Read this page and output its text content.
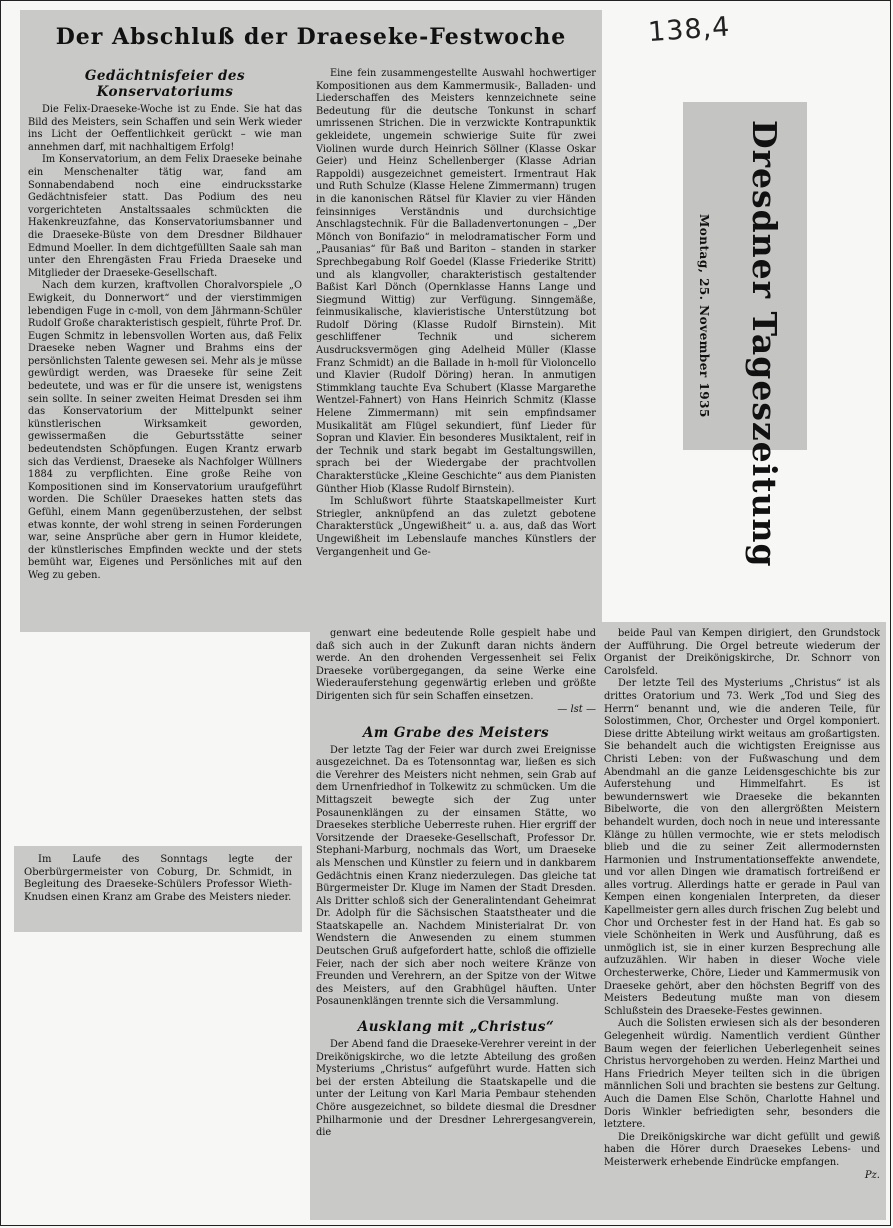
138,4
Der Abschluß der Draeseke-Festwoche
Gedächtnisfeier des Konservatoriums

Die Felix-Draeseke-Woche ist zu Ende. Sie hat das Bild des Meisters, sein Schaffen und sein Werk wieder ins Licht der Oeffentlichkeit gerückt – wie man annehmen darf, mit nachhaltigem Erfolg!

Im Konservatorium, an dem Felix Draeseke beinahe ein Menschenalter tätig war, fand am Sonnabendabend noch eine eindrucksstarke Gedächtnisfeier statt. Das Podium des neu vorgerichteten Anstaltssaales schmückten die Hakenkreuzfahne, das Konservatoriumsbanner und die Draeseke-Büste von dem Dresdner Bildhauer Edmund Moeller. In dem dichtgefüllten Saale sah man unter den Ehrengästen Frau Frieda Draeseke und Mitglieder der Draeseke-Gesellschaft.

Nach dem kurzen, kraftvollen Choralvorspiele „O Ewigkeit, du Donnerwort“ und der vierstimmigen lebendigen Fuge in c-moll, von dem Jährmann-Schüler Rudolf Große charakteristisch gespielt, führte Prof. Dr. Eugen Schmitz in lebensvollen Worten aus, daß Felix Draeseke neben Wagner und Brahms eins der persönlichsten Talente gewesen sei. Mehr als je müsse gewürdigt werden, was Draeseke für seine Zeit bedeutete, und was er für die unsere ist, wenigstens sein sollte. In seiner zweiten Heimat Dresden sei ihm das Konservatorium der Mittelpunkt seiner künstlerischen Wirksamkeit geworden, gewissermaßen die Geburtsstätte seiner bedeutendsten Schöpfungen. Eugen Krantz erwarb sich das Verdienst, Draeseke als Nachfolger Wüllners 1884 zu verpflichten. Eine große Reihe von Kompositionen sind im Konservatorium uraufgeführt worden. Die Schüler Draesekes hatten stets das Gefühl, einem Mann gegenüberzustehen, der selbst etwas konnte, der wohl streng in seinen Forderungen war, seine Ansprüche aber gern in Humor kleidete, der künstlerisches Empfinden weckte und der stets bemüht war, Eigenes und Persönliches mit auf den Weg zu geben.

Eine fein zusammengestellte Auswahl hochwertiger Kompositionen aus dem Kammermusik-, Balladen- und Liederschaffen des Meisters kennzeichnete seine Bedeutung für die deutsche Tonkunst in scharf umrissenen Strichen. Die in verzwickte Kontrapunktik gekleidete, ungemein schwierige Suite für zwei Violinen wurde durch Heinrich Söllner (Klasse Oskar Geier) und Heinz Schellenberger (Klasse Adrian Rappoldi) ausgezeichnet gemeistert. Irmentraut Hak und Ruth Schulze (Klasse Helene Zimmermann) trugen in die kanonischen Rätsel für Klavier zu vier Händen feinsinniges Verständnis und durchsichtige Anschlagstechnik. Für die Balladenvertonungen – „Der Mönch von Bonifazio“ in melodramatischer Form und „Pausanias“ für Baß und Bariton – standen in starker Sprechbegabung Rolf Goedel (Klasse Friederike Stritt) und als klangvoller, charakteristisch gestaltender Baßist Karl Dönch (Opernklasse Hanns Lange und Siegmund Wittig) zur Verfügung. Sinngemäße, feinmusikalische, klavieristische Unterstützung bot Rudolf Döring (Klasse Rudolf Birnstein). Mit geschliffener Technik und sicherem Ausdrucksvermögen ging Adelheid Müller (Klasse Franz Schmidt) an die Ballade in h-moll für Violoncello und Klavier (Rudolf Döring) heran. In anmutigen Stimmklang tauchte Eva Schubert (Klasse Margarethe Wentzel-Fahnert) von Hans Heinrich Schmitz (Klasse Helene Zimmermann) mit sein empfindsamer Musikalität am Flügel sekundiert, fünf Lieder für Sopran und Klavier. Ein besonderes Musiktalent, reif in der Technik und stark begabt im Gestaltungswillen, sprach bei der Wiedergabe der prachtvollen Charakterstücke „Kleine Geschichte“ aus dem Pianisten Günther Hiob (Klasse Rudolf Birnstein).

Im Schlußwort führte Staatskapellmeister Kurt Striegler, anknüpfend an das zuletzt gebotene Charakterstück „Ungewißheit“ u. a. aus, daß das Wort Ungewißheit im Lebenslaufe manches Künstlers der Vergangenheit und Ge-

genwart eine bedeutende Rolle gespielt habe und daß sich auch in der Zukunft daran nichts ändern werde. An den drohenden Vergessenheit sei Felix Draeseke vorübergegangen, da seine Werke eine Wiederauferstehung gegenwärtig erleben und größte Dirigenten sich für sein Schaffen einsetzen.

— lst —
Am Grabe des Meisters

Der letzte Tag der Feier war durch zwei Ereignisse ausgezeichnet. Da es Totensonntag war, ließen es sich die Verehrer des Meisters nicht nehmen, sein Grab auf dem Urnenfriedhof in Tolkewitz zu schmücken. Um die Mittagszeit bewegte sich der Zug unter Posaunenklängen zu der einsamen Stätte, wo Draesekes sterbliche Ueberreste ruhen. Hier ergriff der Vorsitzende der Draeseke-Gesellschaft, Professor Dr. Stephani-Marburg, nochmals das Wort, um Draeseke als Menschen und Künstler zu feiern und in dankbarem Gedächtnis einen Kranz niederzulegen. Das gleiche tat Bürgermeister Dr. Kluge im Namen der Stadt Dresden. Als Dritter schloß sich der Generalintendant Geheimrat Dr. Adolph für die Sächsischen Staatstheater und die Staatskapelle an. Nachdem Ministerialrat Dr. von Wendstern die Anwesenden zu einem stummen Deutschen Gruß aufgefordert hatte, schloß die offizielle Feier, nach der sich aber noch weitere Kränze von Freunden und Verehrern, an der Spitze von der Witwe des Meisters, auf den Grabhügel häuften. Unter Posaunenklängen trennte sich die Versammlung.

Ausklang mit „Christus“

Der Abend fand die Draeseke-Verehrer vereint in der Dreikönigskirche, wo die letzte Abteilung des großen Mysteriums „Christus“ aufgeführt wurde. Hatten sich bei der ersten Abteilung die Staatskapelle und die unter der Leitung von Karl Maria Pembaur stehenden Chöre ausgezeichnet, so bildete diesmal die Dresdner Philharmonie und der Dresdner Lehrergesangverein, die

beide Paul van Kempen dirigiert, den Grundstock der Aufführung. Die Orgel betreute wiederum der Organist der Dreikönigskirche, Dr. Schnorr von Carolsfeld.

Der letzte Teil des Mysteriums „Christus“ ist als drittes Oratorium und 73. Werk „Tod und Sieg des Herrn“ benannt und, wie die anderen Teile, für Solostimmen, Chor, Orchester und Orgel komponiert. Diese dritte Abteilung wirkt weitaus am großartigsten. Sie behandelt auch die wichtigsten Ereignisse aus Christi Leben: von der Fußwaschung und dem Abendmahl an die ganze Leidensgeschichte bis zur Auferstehung und Himmelfahrt. Es ist bewundernswert wie Draeseke die bekannten Bibelworte, die von den allergrößten Meistern behandelt wurden, doch noch in neue und interessante Klänge zu hüllen vermochte, wie er stets melodisch blieb und die zu seiner Zeit allermodernsten Harmonien und Instrumentationseffekte anwendete, und vor allen Dingen wie dramatisch fortreißend er alles vortrug. Allerdings hatte er gerade in Paul van Kempen einen kongenialen Interpreten, da dieser Kapellmeister gern alles durch frischen Zug belebt und Chor und Orchester fest in der Hand hat. Es gab so viele Schönheiten in Werk und Ausführung, daß es unmöglich ist, sie in einer kurzen Besprechung alle aufzuzählen. Wir haben in dieser Woche viele Orchesterwerke, Chöre, Lieder und Kammermusik von Draeseke gehört, aber den höchsten Begriff von des Meisters Bedeutung mußte man von diesem Schlußstein des Draeseke-Festes gewinnen.

Auch die Solisten erwiesen sich als der besonderen Gelegenheit würdig. Namentlich verdient Günther Baum wegen der feierlichen Ueberlegenheit seines Christus hervorgehoben zu werden. Heinz Marthei und Hans Friedrich Meyer teilten sich in die übrigen männlichen Soli und brachten sie bestens zur Geltung. Auch die Damen Else Schön, Charlotte Hahnel und Doris Winkler befriedigten sehr, besonders die letztere.

Die Dreikönigskirche war dicht gefüllt und gewiß haben die Hörer durch Draesekes Lebens- und Meisterwerk erhebende Eindrücke empfangen.

Pz.

Im Laufe des Sonntags legte der Oberbürgermeister von Coburg, Dr. Schmidt, in Begleitung des Draeseke-Schülers Professor Wieth-Knudsen einen Kranz am Grabe des Meisters nieder.

Dresdner Tageszeitung
Montag, 25. November 1935
